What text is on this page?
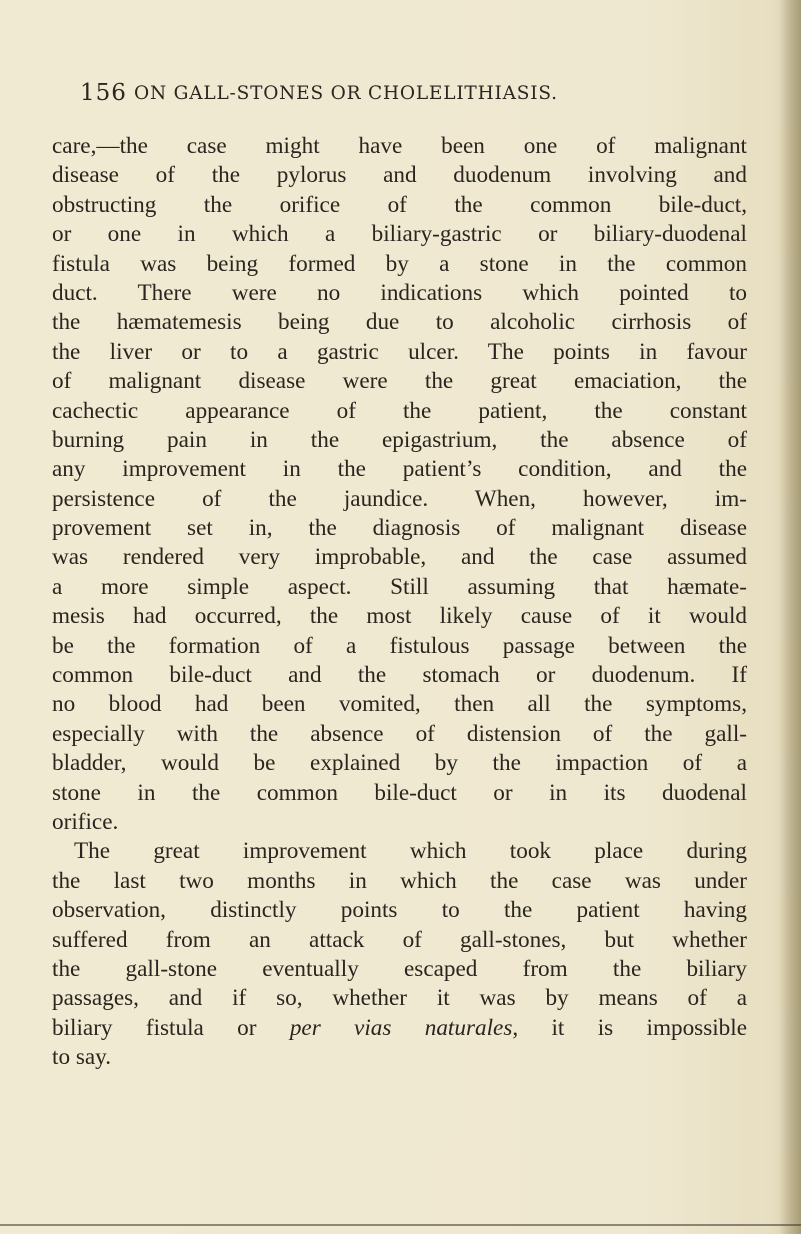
156 ON GALL-STONES OR CHOLELITHIASIS.
care,—the case might have been one of malignant
disease of the pylorus and duodenum involving and
obstructing the orifice of the common bile-duct,
or one in which a biliary-gastric or biliary-duodenal
fistula was being formed by a stone in the common
duct. There were no indications which pointed to
the hæmatemesis being due to alcoholic cirrhosis of
the liver or to a gastric ulcer. The points in favour
of malignant disease were the great emaciation, the
cachectic appearance of the patient, the constant
burning pain in the epigastrium, the absence of
any improvement in the patient’s condition, and the
persistence of the jaundice. When, however, im-
provement set in, the diagnosis of malignant disease
was rendered very improbable, and the case assumed
a more simple aspect. Still assuming that hæmate-
mesis had occurred, the most likely cause of it would
be the formation of a fistulous passage between the
common bile-duct and the stomach or duodenum. If
no blood had been vomited, then all the symptoms,
especially with the absence of distension of the gall-
bladder, would be explained by the impaction of a
stone in the common bile-duct or in its duodenal
orifice.
The great improvement which took place during
the last two months in which the case was under
observation, distinctly points to the patient having
suffered from an attack of gall-stones, but whether
the gall-stone eventually escaped from the biliary
passages, and if so, whether it was by means of a
biliary fistula or per vias naturales, it is impossible
to say.
